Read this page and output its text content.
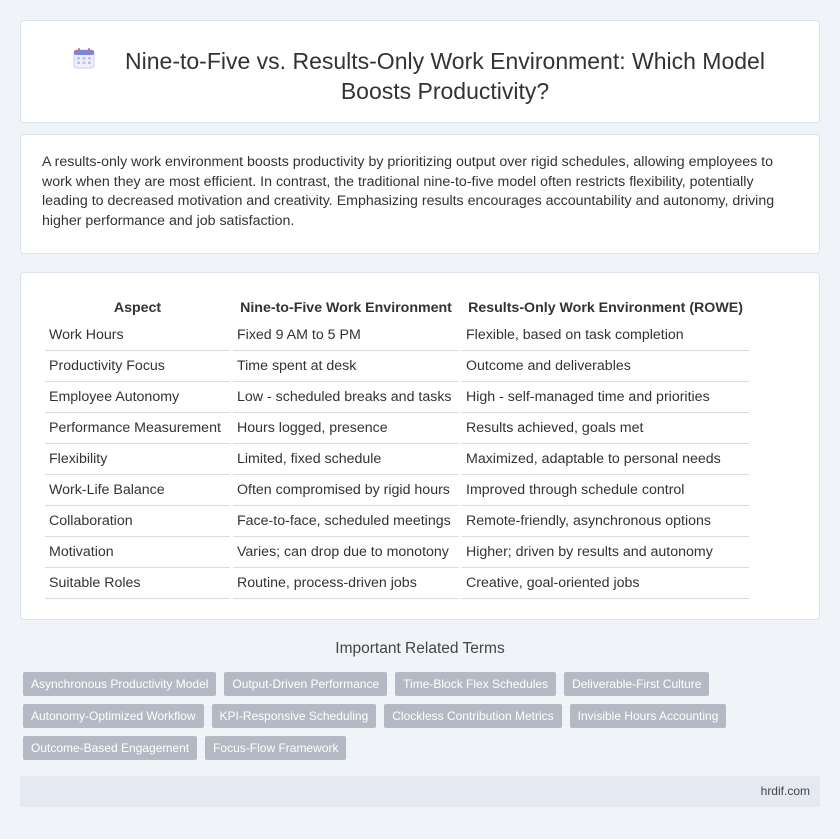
Nine-to-Five vs. Results-Only Work Environment: Which Model Boosts Productivity?

A results-only work environment boosts productivity by prioritizing output over rigid schedules, allowing employees to work when they are most efficient. In contrast, the traditional nine-to-five model often restricts flexibility, potentially leading to decreased motivation and creativity. Emphasizing results encourages accountability and autonomy, driving higher performance and job satisfaction.

Aspect	Nine-to-Five Work Environment	Results-Only Work Environment (ROWE)
Work Hours	Fixed 9 AM to 5 PM	Flexible, based on task completion
Productivity Focus	Time spent at desk	Outcome and deliverables
Employee Autonomy	Low - scheduled breaks and tasks	High - self-managed time and priorities
Performance Measurement	Hours logged, presence	Results achieved, goals met
Flexibility	Limited, fixed schedule	Maximized, adaptable to personal needs
Work-Life Balance	Often compromised by rigid hours	Improved through schedule control
Collaboration	Face-to-face, scheduled meetings	Remote-friendly, asynchronous options
Motivation	Varies; can drop due to monotony	Higher; driven by results and autonomy
Suitable Roles	Routine, process-driven jobs	Creative, goal-oriented jobs
Important Related Terms
Asynchronous Productivity Model	Output-Driven Performance	Time-Block Flex Schedules	Deliverable-First Culture
Autonomy-Optimized Workflow	KPI-Responsive Scheduling	Clockless Contribution Metrics	Invisible Hours Accounting
Outcome-Based Engagement	Focus-Flow Framework
hrdif.com
